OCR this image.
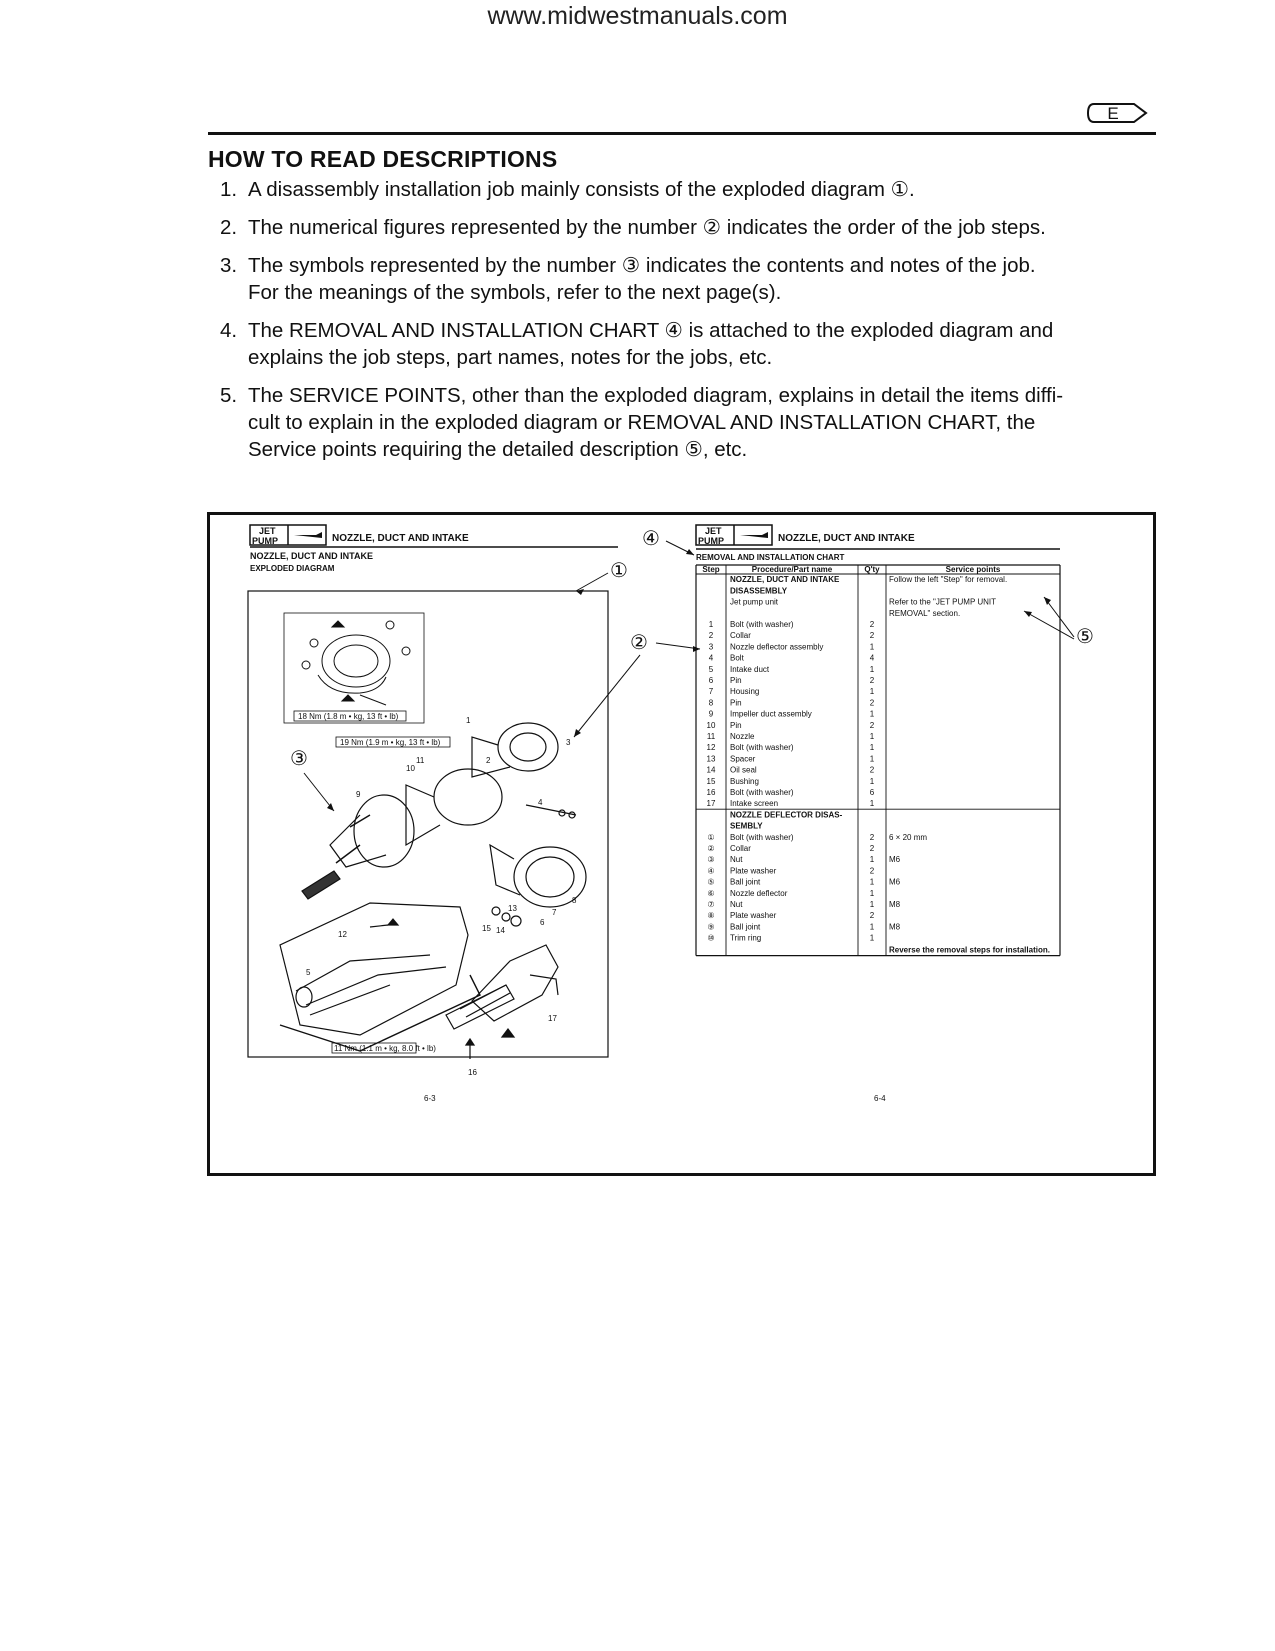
www.midwestmanuals.com
E
HOW TO READ DESCRIPTIONS
1. A disassembly installation job mainly consists of the exploded diagram ①.
2. The numerical figures represented by the number ② indicates the order of the job steps.
3. The symbols represented by the number ③ indicates the contents and notes of the job.
For the meanings of the symbols, refer to the next page(s).
4. The REMOVAL AND INSTALLATION CHART ④ is attached to the exploded diagram and
explains the job steps, part names, notes for the jobs, etc.
5. The SERVICE POINTS, other than the exploded diagram, explains in detail the items diffi-
cult to explain in the exploded diagram or REMOVAL AND INSTALLATION CHART, the
Service points requiring the detailed description ⑤, etc.
JET
PUMP	NOZZLE, DUCT AND INTAKE
NOZZLE, DUCT AND INTAKE
EXPLODED DIAGRAM
18 Nm (1.8 m • kg, 13 ft • lb)
19 Nm (1.9 m • kg, 13 ft • lb)
11 Nm (1.1 m • kg, 8.0 ft • lb)
1
2
3
4
5
6
7
8
9
10
11
12
13
14
15
16
17
①
②
③
6-3
JET
PUMP	NOZZLE, DUCT AND INTAKE
REMOVAL AND INSTALLATION CHART
④
Step	Procedure/Part name	Q'ty	Service points
NOZZLE, DUCT AND INTAKE	Follow the left "Step" for removal.
DISASSEMBLY
Jet pump unit	Refer to the "JET PUMP UNIT
REMOVAL" section.
1 Bolt (with washer)	2
2 Collar	2
3 Nozzle deflector assembly	1
4 Bolt	4
5 Intake duct	1
6 Pin	2
7 Housing	1
8 Pin	2
9 Impeller duct assembly	1
10 Pin	2
11 Nozzle	1
12 Bolt (with washer)	1
13 Spacer	1
14 Oil seal	2
15 Bushing	1
16 Bolt (with washer)	6
17 Intake screen	1
NOZZLE DEFLECTOR DISAS-
SEMBLY
① Bolt (with washer)	2 6 × 20 mm
② Collar	2
③ Nut	1 M6
④ Plate washer	2
⑤ Ball joint	1 M6
⑥ Nozzle deflector	1
⑦ Nut	1 M8
⑧ Plate washer	2
⑨ Ball joint	1 M8
⑩ Trim ring	1
Reverse the removal steps for installation.
⑤
6-4
